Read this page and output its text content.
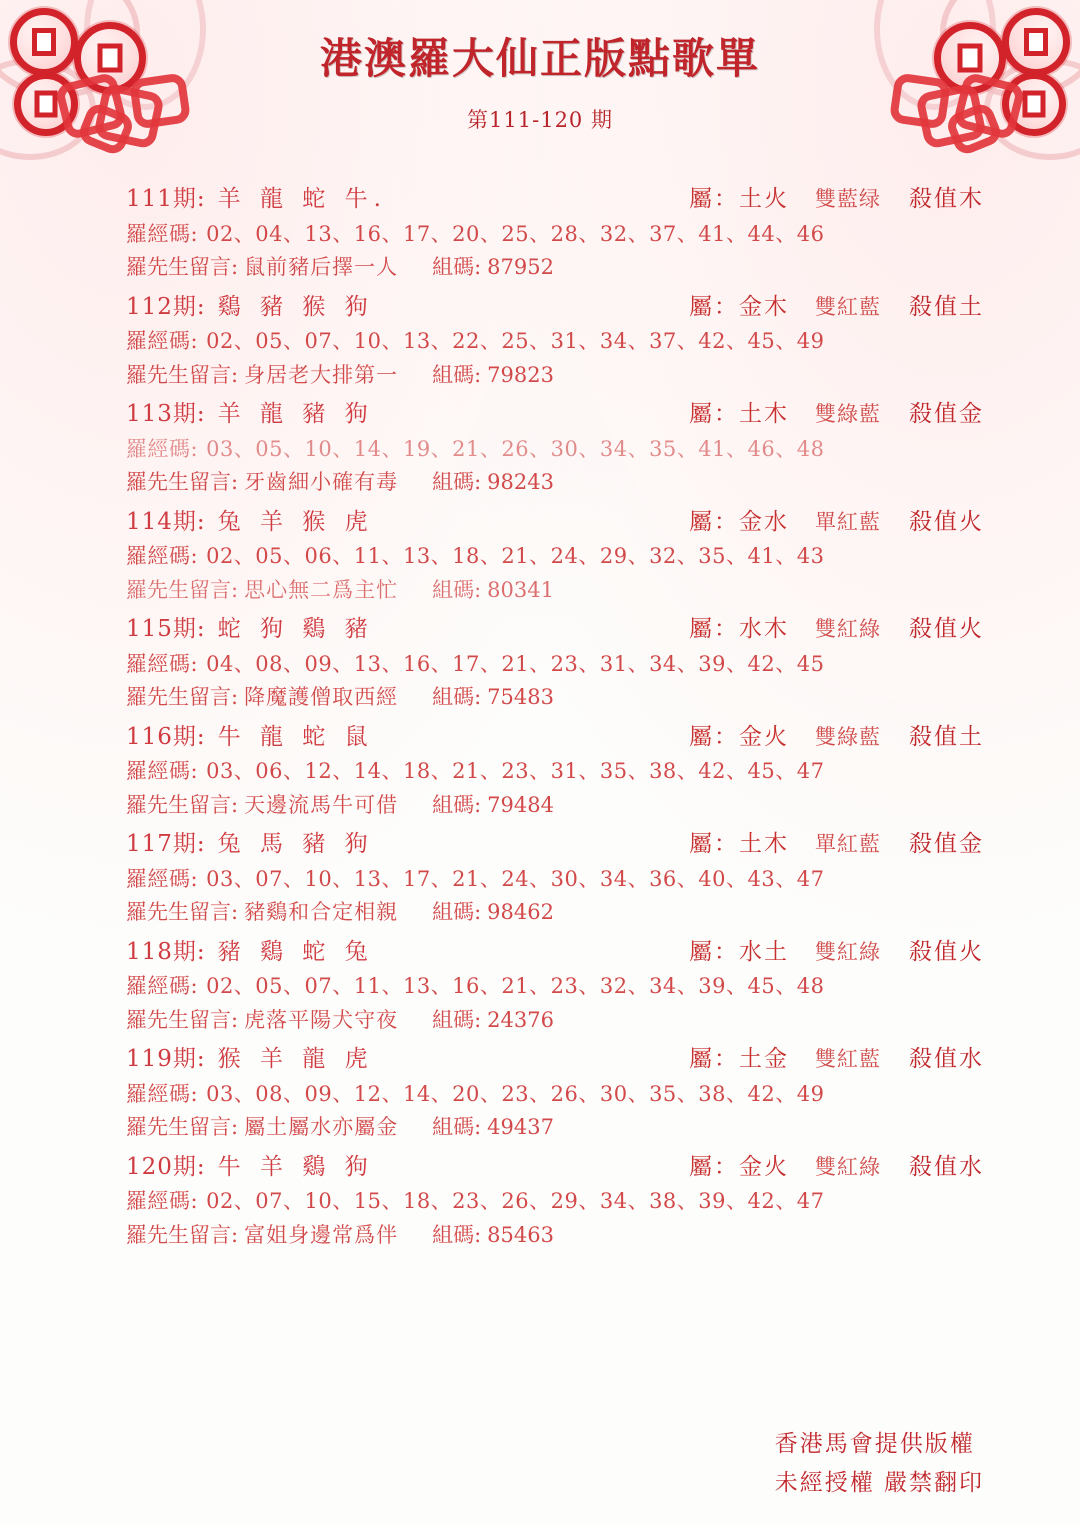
港澳羅大仙正版點歌單
第111-120 期
111期: 羊 龍 蛇 牛.	屬：土火 雙藍绿 殺值木
羅經碼: 02、04、13、16、17、20、25、28、32、37、41、44、46
羅先生留言: 鼠前豬后擇一人 組碼: 87952
112期: 鷄 豬 猴 狗	屬：金木 雙紅藍 殺值土
羅經碼: 02、05、07、10、13、22、25、31、34、37、42、45、49
羅先生留言: 身居老大排第一 組碼: 79823
113期: 羊 龍 豬 狗	屬：土木 雙綠藍 殺值金
羅經碼: 03、05、10、14、19、21、26、30、34、35、41、46、48
羅先生留言: 牙齒細小確有毒 組碼: 98243
114期: 兔 羊 猴 虎	屬：金水 單紅藍 殺值火
羅經碼: 02、05、06、11、13、18、21、24、29、32、35、41、43
羅先生留言: 思心無二爲主忙 組碼: 80341
115期: 蛇 狗 鷄 豬	屬：水木 雙紅綠 殺值火
羅經碼: 04、08、09、13、16、17、21、23、31、34、39、42、45
羅先生留言: 降魔護僧取西經 組碼: 75483
116期: 牛 龍 蛇 鼠	屬：金火 雙綠藍 殺值土
羅經碼: 03、06、12、14、18、21、23、31、35、38、42、45、47
羅先生留言: 天邊流馬牛可借 組碼: 79484
117期: 兔 馬 豬 狗	屬：土木 單紅藍 殺值金
羅經碼: 03、07、10、13、17、21、24、30、34、36、40、43、47
羅先生留言: 豬鷄和合定相親 組碼: 98462
118期: 豬 鷄 蛇 兔	屬：水土 雙紅綠 殺值火
羅經碼: 02、05、07、11、13、16、21、23、32、34、39、45、48
羅先生留言: 虎落平陽犬守夜 組碼: 24376
119期: 猴 羊 龍 虎	屬：土金 雙紅藍 殺值水
羅經碼: 03、08、09、12、14、20、23、26、30、35、38、42、49
羅先生留言: 屬土屬水亦屬金 組碼: 49437
120期: 牛 羊 鷄 狗	屬：金火 雙紅綠 殺值水
羅經碼: 02、07、10、15、18、23、26、29、34、38、39、42、47
羅先生留言: 富姐身邊常爲伴 組碼: 85463
香港馬會提供版權
未經授權 嚴禁翻印
